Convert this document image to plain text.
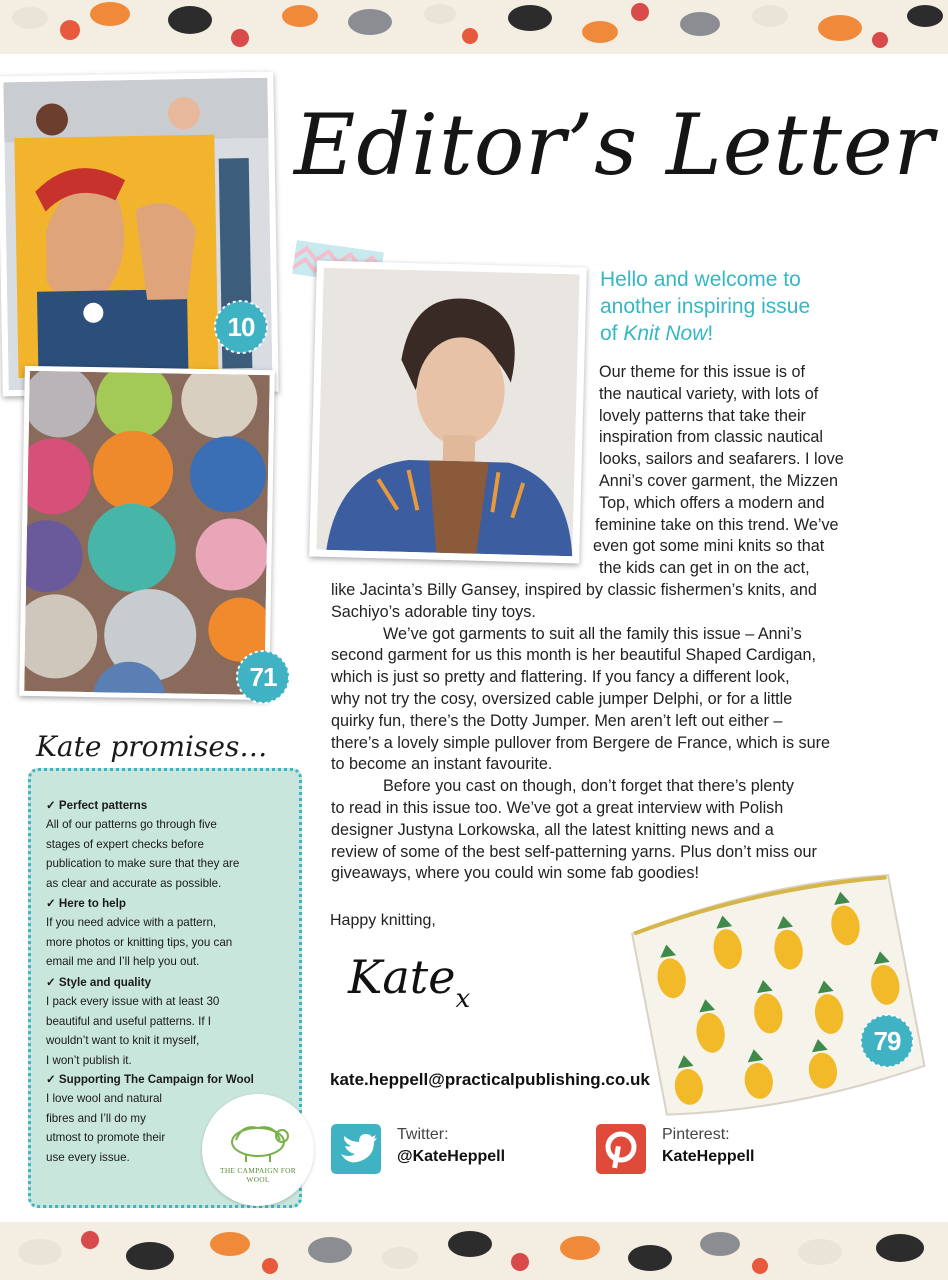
Editor’s Letter
10
71
Hello and welcome to
another inspiring issue
of Knit Now!
Our theme for this issue is of
the nautical variety, with lots of
lovely patterns that take their
inspiration from classic nautical
looks, sailors and seafarers. I love
Anni’s cover garment, the Mizzen
Top, which offers a modern and
feminine take on this trend. We’ve
even got some mini knits so that
the kids can get in on the act,
like Jacinta’s Billy Gansey, inspired by classic fishermen’s knits, and
Sachiyo’s adorable tiny toys.
We’ve got garments to suit all the family this issue – Anni’s
second garment for us this month is her beautiful Shaped Cardigan,
which is just so pretty and flattering. If you fancy a different look,
why not try the cosy, oversized cable jumper Delphi, or for a little
quirky fun, there’s the Dotty Jumper. Men aren’t left out either –
there’s a lovely simple pullover from Bergere de France, which is sure
to become an instant favourite.
Before you cast on though, don’t forget that there’s plenty
to read in this issue too. We’ve got a great interview with Polish
designer Justyna Lorkowska, all the latest knitting news and a
review of some of the best self-patterning yarns. Plus don’t miss our
giveaways, where you could win some fab goodies!
Happy knitting,
Kate$_x$
79
kate.heppell@practicalpublishing.co.uk
Twitter:
@KateHeppell
Pinterest:
KateHeppell
Kate promises…
✓ Perfect patterns
All of our patterns go through five
stages of expert checks before
publication to make sure that they are
as clear and accurate as possible.
✓ Here to help
If you need advice with a pattern,
more photos or knitting tips, you can
email me and I’ll help you out.
✓ Style and quality
I pack every issue with at least 30
beautiful and useful patterns. If I
wouldn’t want to knit it myself,
I won’t publish it.
✓ Supporting The Campaign for Wool
I love wool and natural
fibres and I’ll do my
utmost to promote their
use every issue.
THE CAMPAIGN FOR WOOL
